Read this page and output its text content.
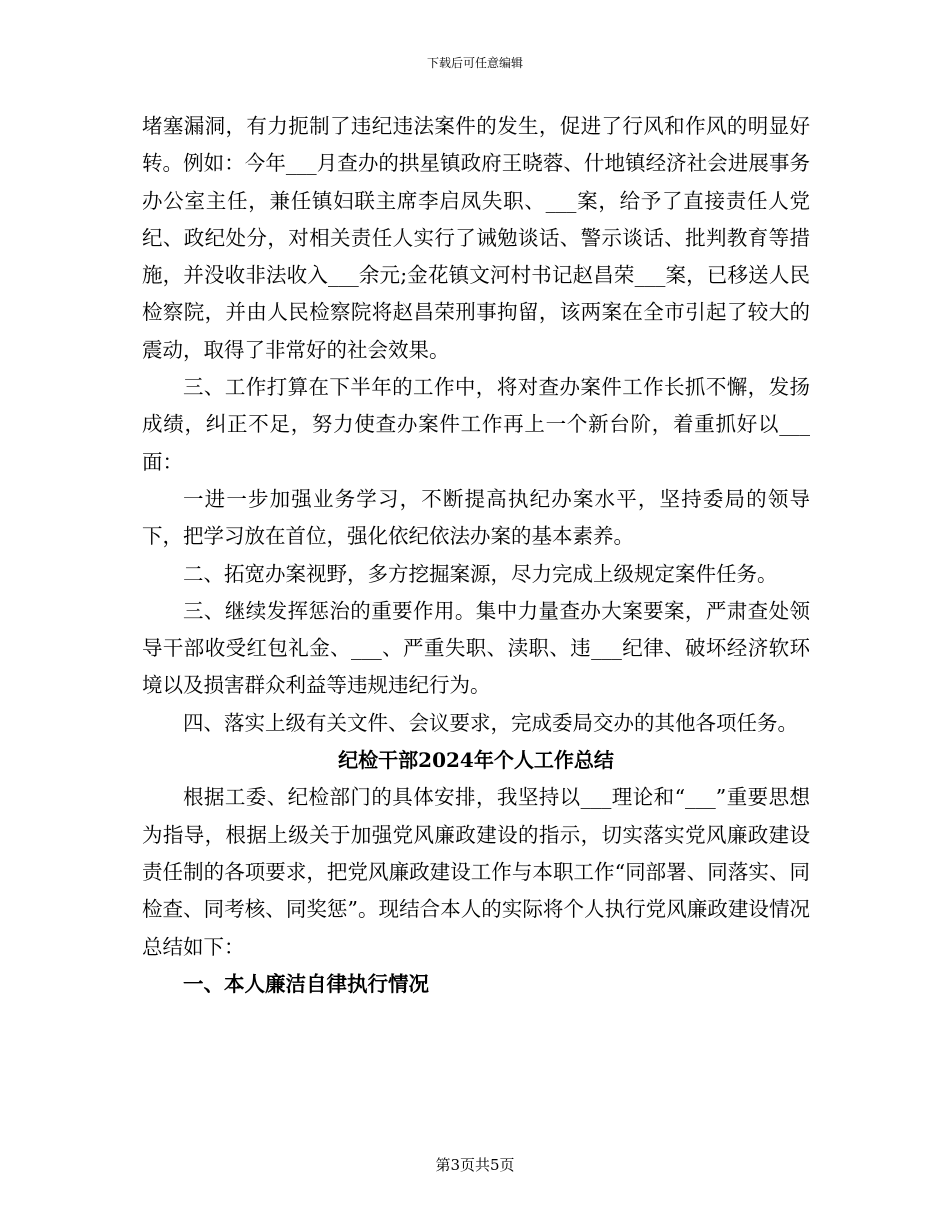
下载后可任意编辑

堵塞漏洞，有力扼制了违纪违法案件的发生，促进了行风和作风的明显好转。例如：今年___月查办的拱星镇政府王晓蓉、什地镇经济社会进展事务办公室主任，兼任镇妇联主席李启凤失职、___案，给予了直接责任人党纪、政纪处分，对相关责任人实行了诫勉谈话、警示谈话、批判教育等措施，并没收非法收入___余元;金花镇文河村书记赵昌荣___案，已移送人民检察院，并由人民检察院将赵昌荣刑事拘留，该两案在全市引起了较大的震动，取得了非常好的社会效果。

三、工作打算在下半年的工作中，将对查办案件工作长抓不懈，发扬成绩，纠正不足，努力使查办案件工作再上一个新台阶，着重抓好以___面：

一进一步加强业务学习，不断提高执纪办案水平，坚持委局的领导下，把学习放在首位，强化依纪依法办案的基本素养。

二、拓宽办案视野，多方挖掘案源，尽力完成上级规定案件任务。

三、继续发挥惩治的重要作用。集中力量查办大案要案，严肃查处领导干部收受红包礼金、___、严重失职、渎职、违___纪律、破坏经济软环境以及损害群众利益等违规违纪行为。

四、落实上级有关文件、会议要求，完成委局交办的其他各项任务。

纪检干部2024年个人工作总结

根据工委、纪检部门的具体安排，我坚持以___理论和“___”重要思想为指导，根据上级关于加强党风廉政建设的指示，切实落实党风廉政建设责任制的各项要求，把党风廉政建设工作与本职工作“同部署、同落实、同检查、同考核、同奖惩”。现结合本人的实际将个人执行党风廉政建设情况总结如下：

一、本人廉洁自律执行情况
第3页共5页
